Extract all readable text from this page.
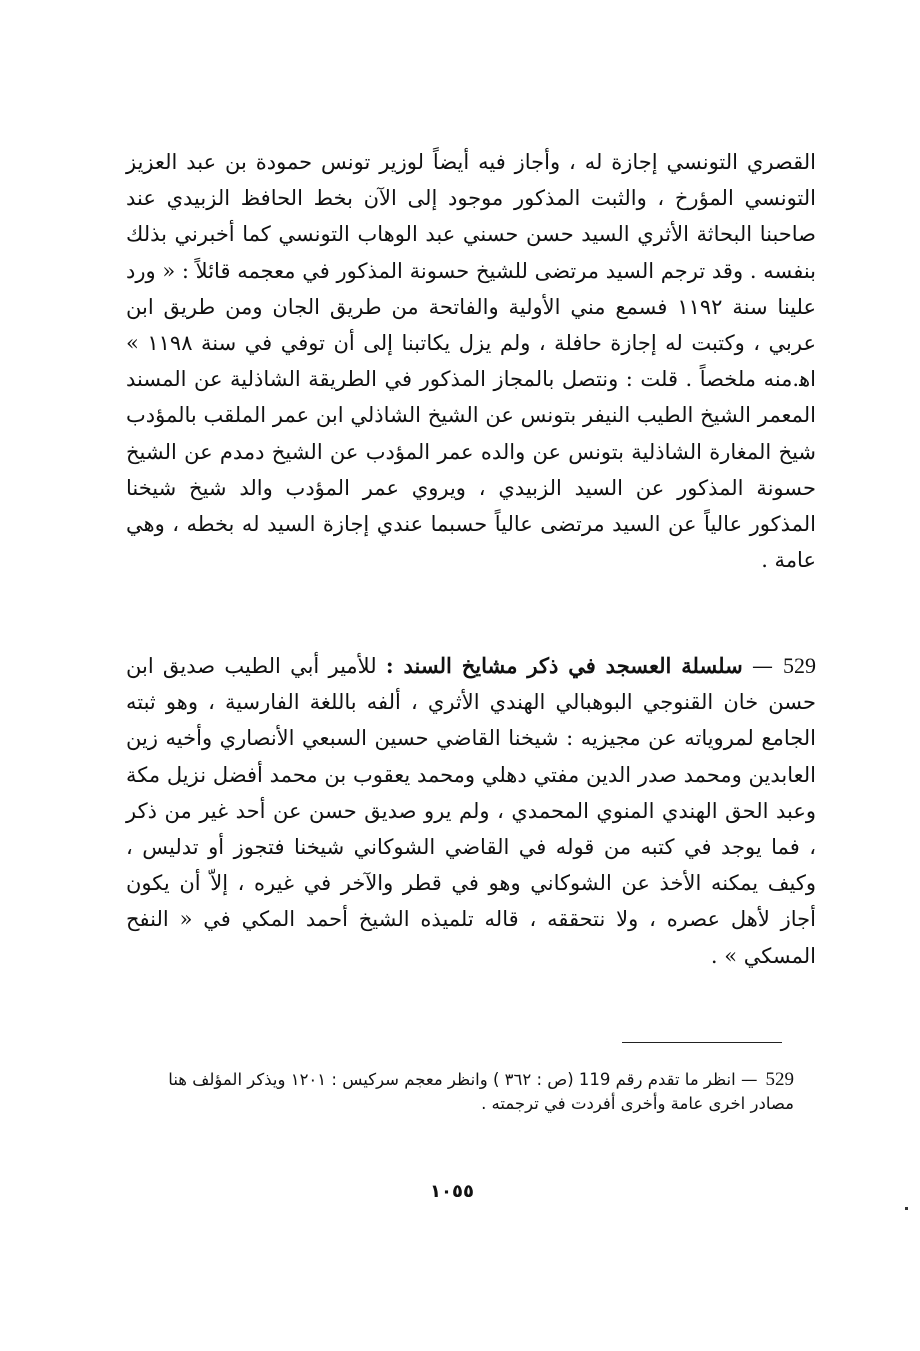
القصري التونسي إجازة له ، وأجاز فيه أيضاً لوزير تونس حمودة بن عبد العزيز التونسي المؤرخ ، والثبت المذكور موجود إلى الآن بخط الحافظ الزبيدي عند صاحبنا البحاثة الأثري السيد حسن حسني عبد الوهاب التونسي كما أخبرني بذلك بنفسه . وقد ترجم السيد مرتضى للشيخ حسونة المذكور في معجمه قائلاً : « ورد علينا سنة ١١٩٢ فسمع مني الأولية والفاتحة من طريق الجان ومن طريق ابن عربي ، وكتبت له إجازة حافلة ، ولم يزل يكاتبنا إلى أن توفي في سنة ١١٩٨ » اﻫ.منه ملخصاً . قلت : ونتصل بالمجاز المذكور في الطريقة الشاذلية عن المسند المعمر الشيخ الطيب النيفر بتونس عن الشيخ الشاذلي ابن عمر الملقب بالمؤدب شيخ المغارة الشاذلية بتونس عن والده عمر المؤدب عن الشيخ دمدم عن الشيخ حسونة المذكور عن السيد الزبيدي ، ويروي عمر المؤدب والد شيخ شيخنا المذكور عالياً عن السيد مرتضى عالياً حسبما عندي إجازة السيد له بخطه ، وهي عامة .

529— سلسلة العسجد في ذكر مشايخ السند : للأمير أبي الطيب صديق ابن حسن خان القنوجي البوهبالي الهندي الأثري ، ألفه باللغة الفارسية ، وهو ثبته الجامع لمروياته عن مجيزيه : شيخنا القاضي حسين السبعي الأنصاري وأخيه زين العابدين ومحمد صدر الدين مفتي دهلي ومحمد يعقوب بن محمد أفضل نزيل مكة وعبد الحق الهندي المنوي المحمدي ، ولم يرو صديق حسن عن أحد غير من ذكر ، فما يوجد في كتبه من قوله في القاضي الشوكاني شيخنا فتجوز أو تدليس ، وكيف يمكنه الأخذ عن الشوكاني وهو في قطر والآخر في غيره ، إلاّ أن يكون أجاز لأهل عصره ، ولا نتحققه ، قاله تلميذه الشيخ أحمد المكي في « النفح المسكي » .

529— انظر ما تقدم رقم 119 (ص : ٣٦٢ ) وانظر معجم سركيس : ١٢٠١ ويذكر المؤلف هنا مصادر اخرى عامة وأخرى أفردت في ترجمته .

١٠٥٥
